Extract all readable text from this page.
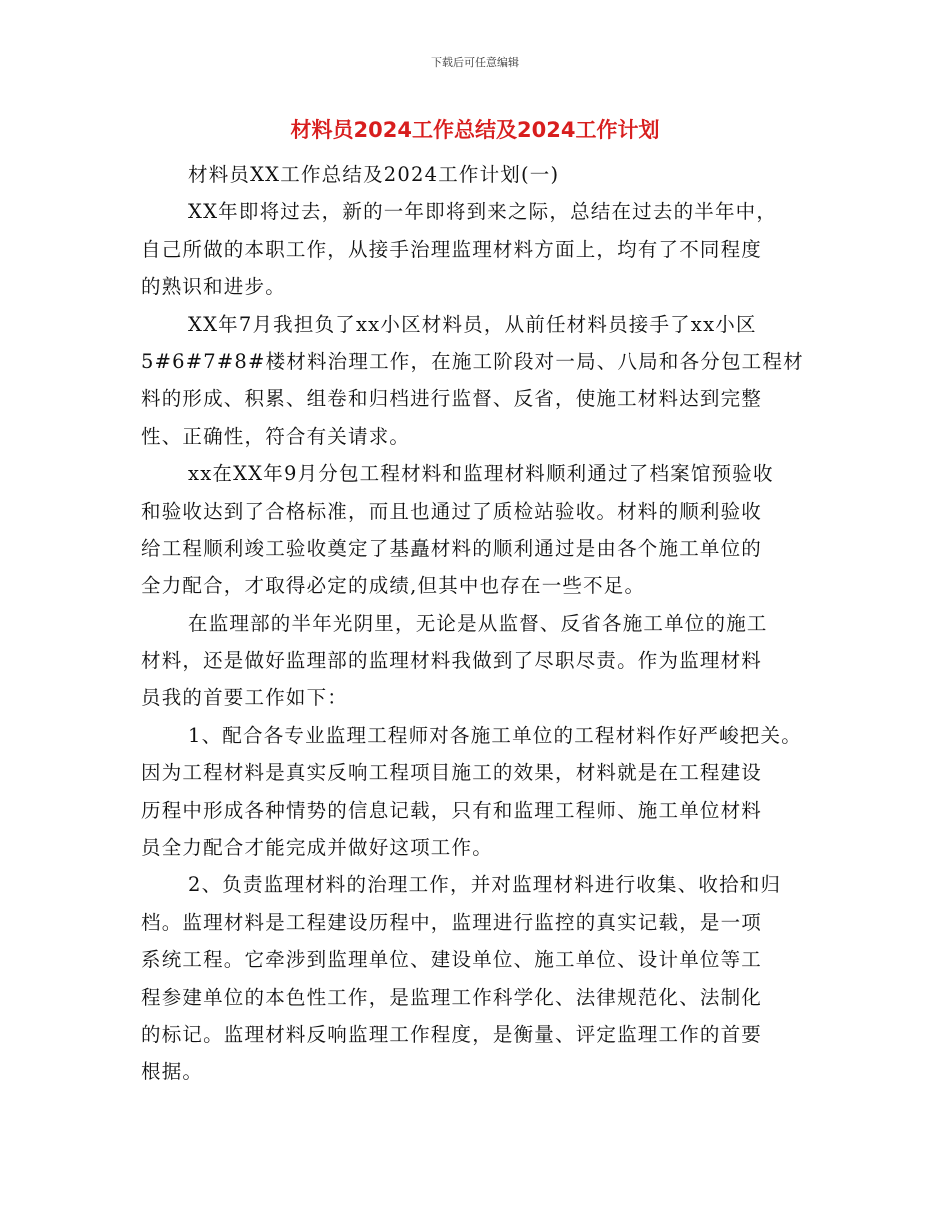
下载后可任意编辑
材料员2024工作总结及2024工作计划
材料员XX工作总结及2024工作计划(一)
XX年即将过去，新的一年即将到来之际，总结在过去的半年中，
自己所做的本职工作，从接手治理监理材料方面上，均有了不同程度
的熟识和进步。
XX年7月我担负了xx小区材料员，从前任材料员接手了xx小区
5#6#7#8#楼材料治理工作，在施工阶段对一局、八局和各分包工程材
料的形成、积累、组卷和归档进行监督、反省，使施工材料达到完整
性、正确性，符合有关请求。
xx在XX年9月分包工程材料和监理材料顺利通过了档案馆预验收
和验收达到了合格标准，而且也通过了质检站验收。材料的顺利验收
给工程顺利竣工验收奠定了基矗材料的顺利通过是由各个施工单位的
全力配合，才取得必定的成绩,但其中也存在一些不足。
在监理部的半年光阴里，无论是从监督、反省各施工单位的施工
材料，还是做好监理部的监理材料我做到了尽职尽责。作为监理材料
员我的首要工作如下：
1、配合各专业监理工程师对各施工单位的工程材料作好严峻把关。
因为工程材料是真实反响工程项目施工的效果，材料就是在工程建设
历程中形成各种情势的信息记载，只有和监理工程师、施工单位材料
员全力配合才能完成并做好这项工作。
2、负责监理材料的治理工作，并对监理材料进行收集、收拾和归
档。监理材料是工程建设历程中，监理进行监控的真实记载，是一项
系统工程。它牵涉到监理单位、建设单位、施工单位、设计单位等工
程参建单位的本色性工作，是监理工作科学化、法律规范化、法制化
的标记。监理材料反响监理工作程度，是衡量、评定监理工作的首要
根据。
